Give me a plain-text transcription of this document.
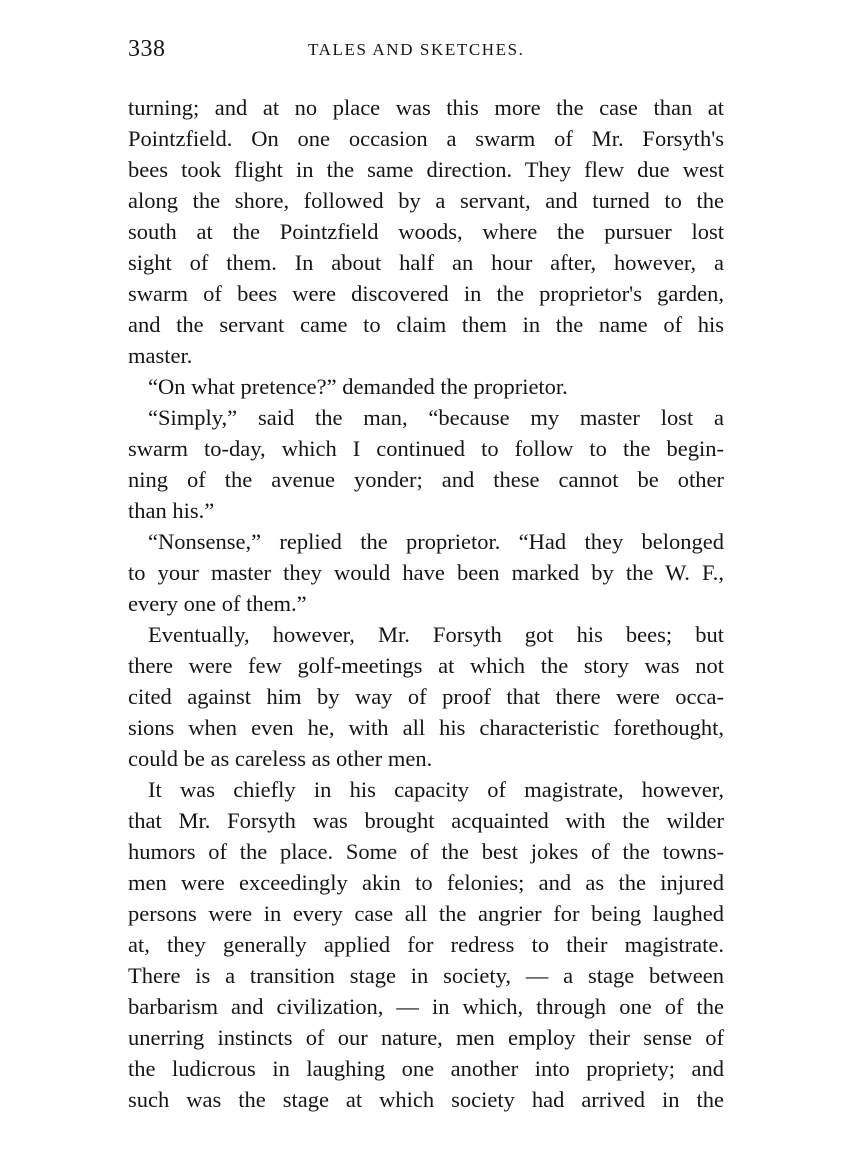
338	TALES AND SKETCHES.
turning; and at no place was this more the case than at
Pointzfield. On one occasion a swarm of Mr. Forsyth's
bees took flight in the same direction. They flew due west
along the shore, followed by a servant, and turned to the
south at the Pointzfield woods, where the pursuer lost
sight of them. In about half an hour after, however, a
swarm of bees were discovered in the proprietor's garden,
and the servant came to claim them in the name of his
master.
“On what pretence?” demanded the proprietor.
“Simply,” said the man, “because my master lost a
swarm to-day, which I continued to follow to the begin-
ning of the avenue yonder; and these cannot be other
than his.”
“Nonsense,” replied the proprietor. “Had they belonged
to your master they would have been marked by the W. F.,
every one of them.”
Eventually, however, Mr. Forsyth got his bees; but
there were few golf-meetings at which the story was not
cited against him by way of proof that there were occa-
sions when even he, with all his characteristic forethought,
could be as careless as other men.
It was chiefly in his capacity of magistrate, however,
that Mr. Forsyth was brought acquainted with the wilder
humors of the place. Some of the best jokes of the towns-
men were exceedingly akin to felonies; and as the injured
persons were in every case all the angrier for being laughed
at, they generally applied for redress to their magistrate.
There is a transition stage in society, — a stage between
barbarism and civilization, — in which, through one of the
unerring instincts of our nature, men employ their sense of
the ludicrous in laughing one another into propriety; and
such was the stage at which society had arrived in the
